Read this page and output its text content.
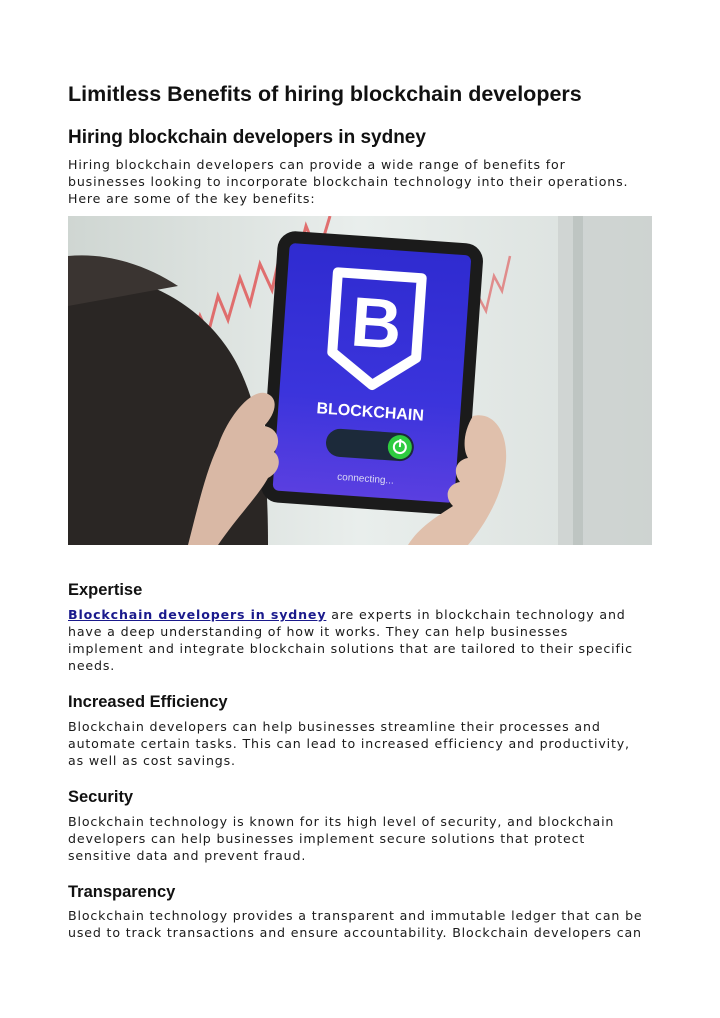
Limitless Benefits of hiring blockchain developers
Hiring blockchain developers in sydney

Hiring blockchain developers can provide a wide range of benefits for
businesses looking to incorporate blockchain technology into their operations.
Here are some of the key benefits:

B
BLOCKCHAIN
connecting...
Expertise

Blockchain developers in sydney are experts in blockchain technology and
have a deep understanding of how it works. They can help businesses
implement and integrate blockchain solutions that are tailored to their specific
needs.

Increased Efficiency

Blockchain developers can help businesses streamline their processes and
automate certain tasks. This can lead to increased efficiency and productivity,
as well as cost savings.

Security

Blockchain technology is known for its high level of security, and blockchain
developers can help businesses implement secure solutions that protect
sensitive data and prevent fraud.

Transparency

Blockchain technology provides a transparent and immutable ledger that can be
used to track transactions and ensure accountability. Blockchain developers can
